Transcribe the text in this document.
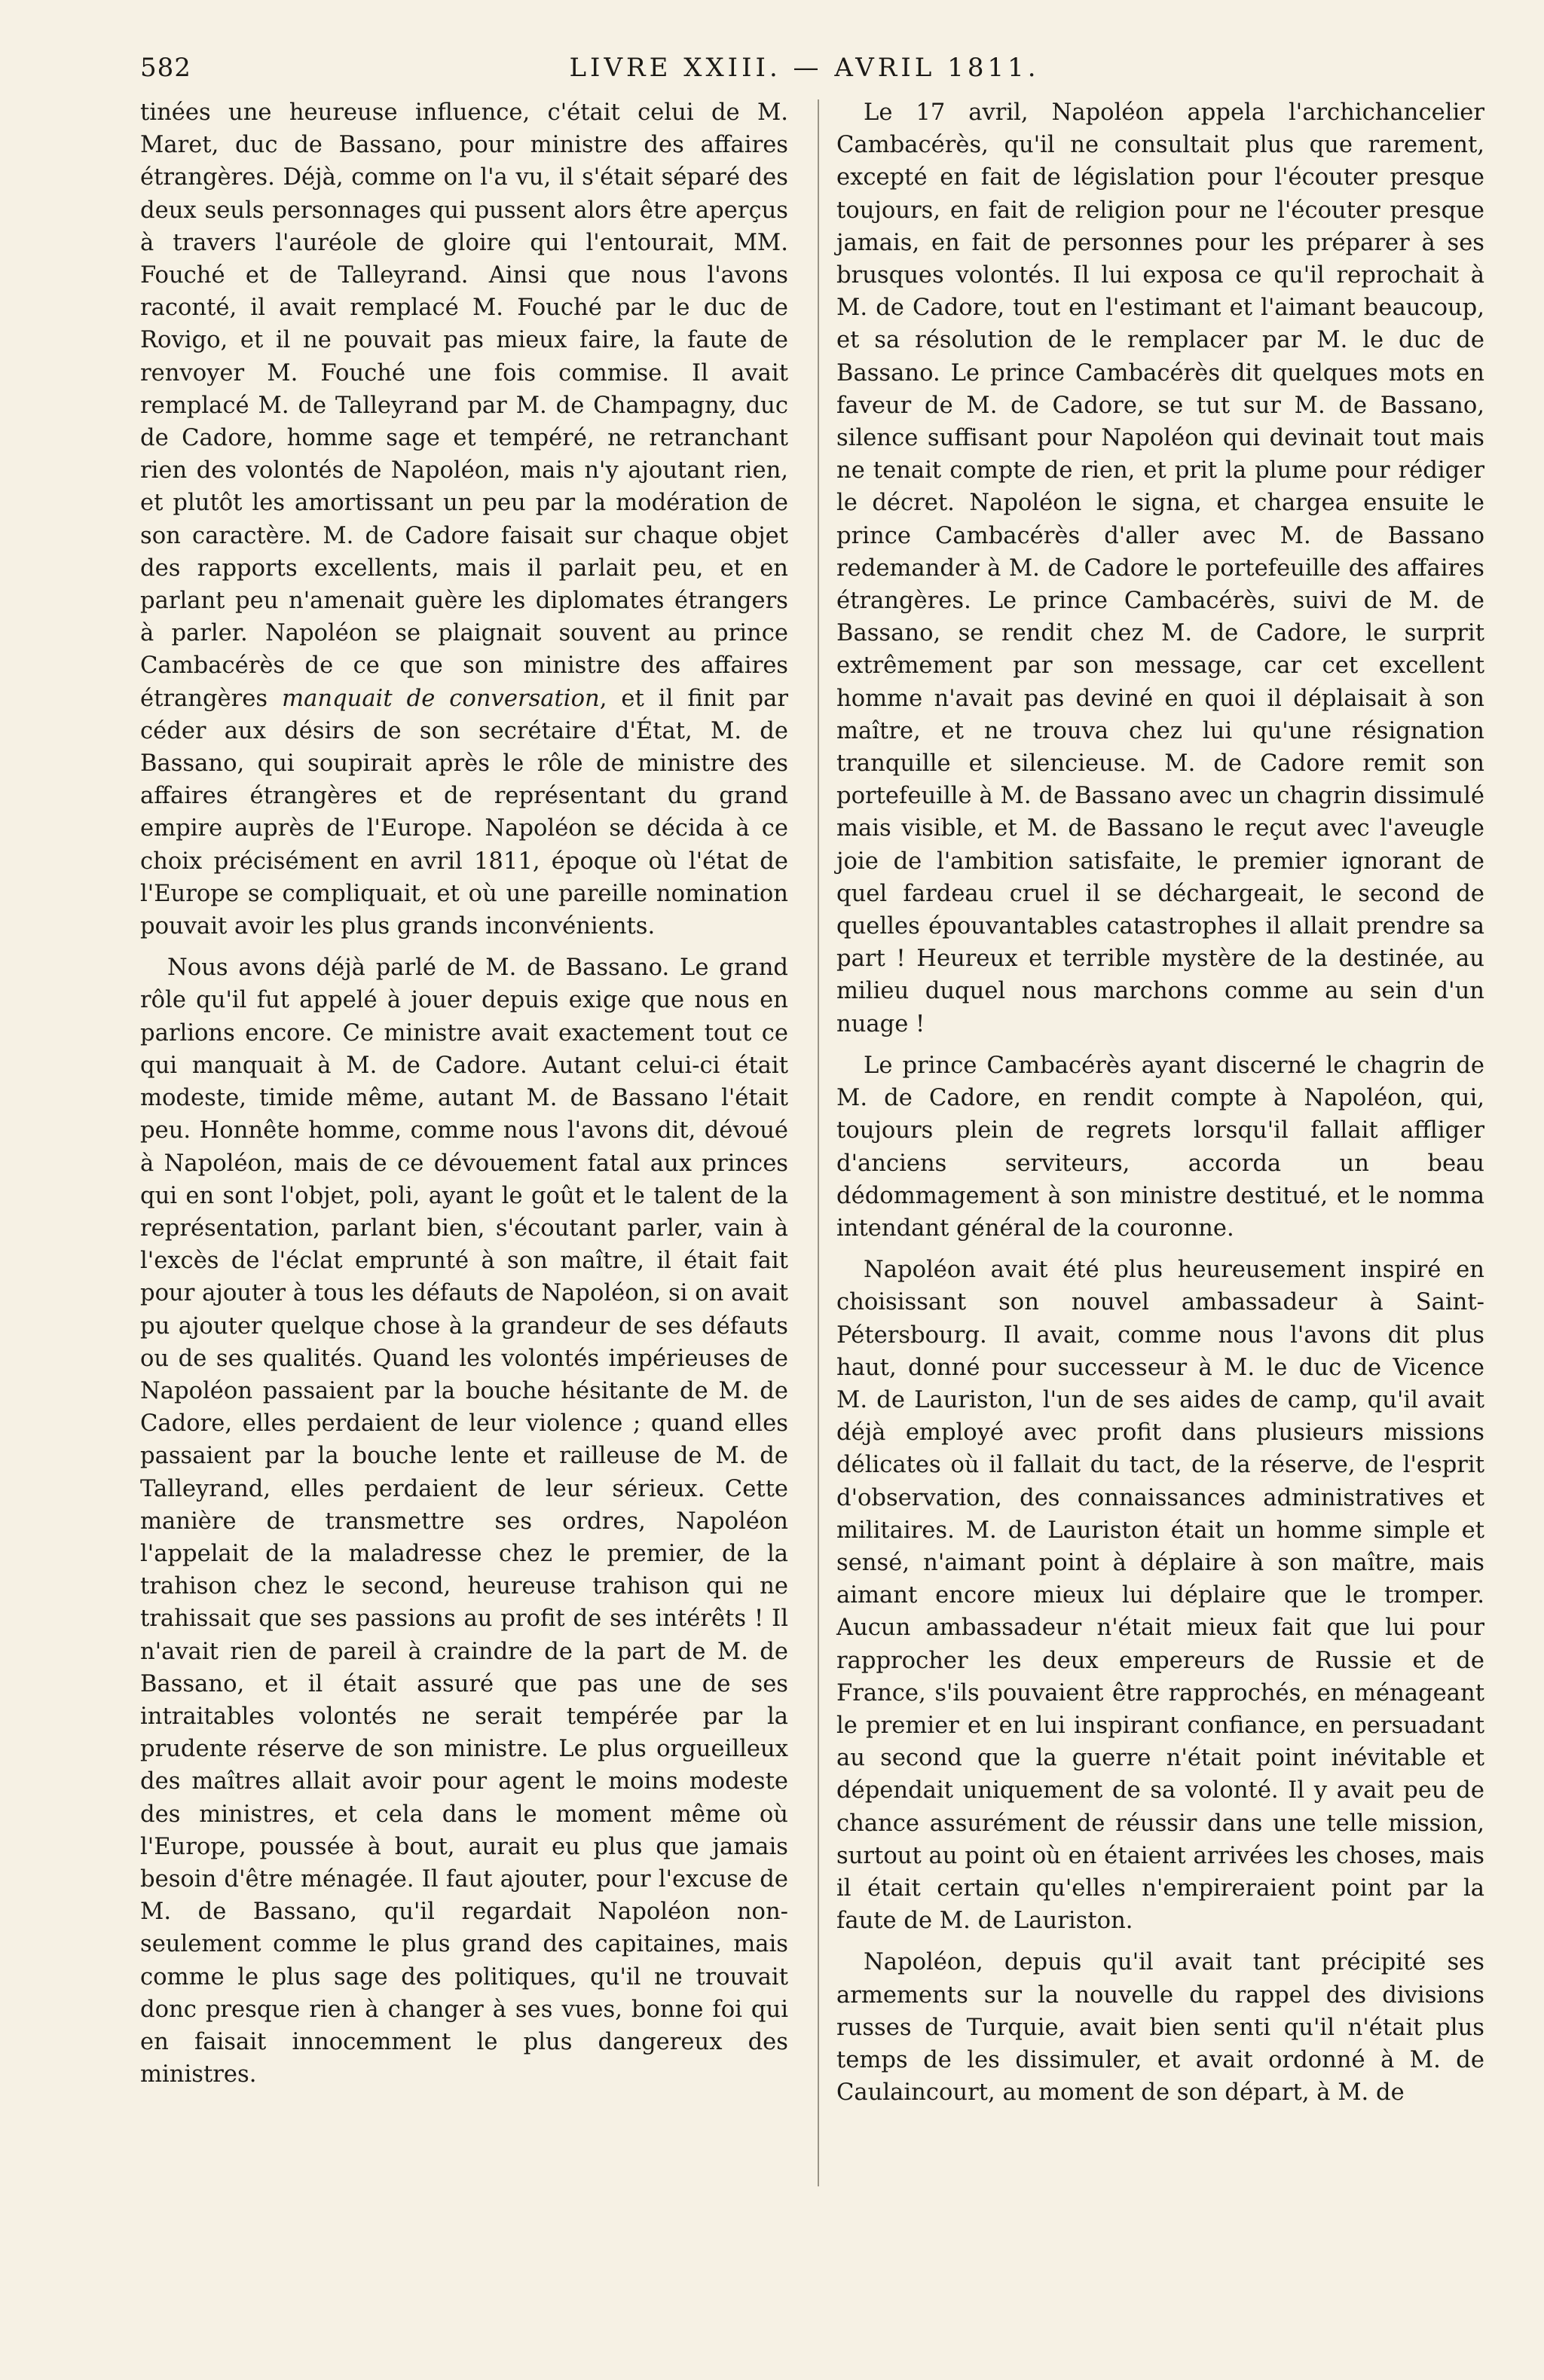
582	LIVRE XXIII. — AVRIL 1811.

tinées une heureuse influence, c'était celui de M. Maret, duc de Bassano, pour ministre des affaires étrangères. Déjà, comme on l'a vu, il s'était séparé des deux seuls personnages qui pussent alors être aperçus à travers l'auréole de gloire qui l'entourait, MM. Fouché et de Talleyrand. Ainsi que nous l'avons raconté, il avait remplacé M. Fouché par le duc de Rovigo, et il ne pouvait pas mieux faire, la faute de renvoyer M. Fouché une fois commise. Il avait remplacé M. de Talleyrand par M. de Champagny, duc de Cadore, homme sage et tempéré, ne retranchant rien des volontés de Napoléon, mais n'y ajoutant rien, et plutôt les amortissant un peu par la modération de son caractère. M. de Cadore faisait sur chaque objet des rapports excellents, mais il parlait peu, et en parlant peu n'amenait guère les diplomates étrangers à parler. Napoléon se plaignait souvent au prince Cambacérès de ce que son ministre des affaires étrangères manquait de conversation, et il finit par céder aux désirs de son secrétaire d'État, M. de Bassano, qui soupirait après le rôle de ministre des affaires étrangères et de représentant du grand empire auprès de l'Europe. Napoléon se décida à ce choix précisément en avril 1811, époque où l'état de l'Europe se compliquait, et où une pareille nomination pouvait avoir les plus grands inconvénients.

Nous avons déjà parlé de M. de Bassano. Le grand rôle qu'il fut appelé à jouer depuis exige que nous en parlions encore. Ce ministre avait exactement tout ce qui manquait à M. de Cadore. Autant celui-ci était modeste, timide même, autant M. de Bassano l'était peu. Honnête homme, comme nous l'avons dit, dévoué à Napoléon, mais de ce dévouement fatal aux princes qui en sont l'objet, poli, ayant le goût et le talent de la représentation, parlant bien, s'écoutant parler, vain à l'excès de l'éclat emprunté à son maître, il était fait pour ajouter à tous les défauts de Napoléon, si on avait pu ajouter quelque chose à la grandeur de ses défauts ou de ses qualités. Quand les volontés impérieuses de Napoléon passaient par la bouche hésitante de M. de Cadore, elles perdaient de leur violence ; quand elles passaient par la bouche lente et railleuse de M. de Talleyrand, elles perdaient de leur sérieux. Cette manière de transmettre ses ordres, Napoléon l'appelait de la maladresse chez le premier, de la trahison chez le second, heureuse trahison qui ne trahissait que ses passions au profit de ses intérêts ! Il n'avait rien de pareil à craindre de la part de M. de Bassano, et il était assuré que pas une de ses intraitables volontés ne serait tempérée par la prudente réserve de son ministre. Le plus orgueilleux des maîtres allait avoir pour agent le moins modeste des ministres, et cela dans le moment même où l'Europe, poussée à bout, aurait eu plus que jamais besoin d'être ménagée. Il faut ajouter, pour l'excuse de M. de Bassano, qu'il regardait Napoléon non-seulement comme le plus grand des capitaines, mais comme le plus sage des politiques, qu'il ne trouvait donc presque rien à changer à ses vues, bonne foi qui en faisait innocemment le plus dangereux des ministres.

Le 17 avril, Napoléon appela l'archichancelier Cambacérès, qu'il ne consultait plus que rarement, excepté en fait de législation pour l'écouter presque toujours, en fait de religion pour ne l'écouter presque jamais, en fait de personnes pour les préparer à ses brusques volontés. Il lui exposa ce qu'il reprochait à M. de Cadore, tout en l'estimant et l'aimant beaucoup, et sa résolution de le remplacer par M. le duc de Bassano. Le prince Cambacérès dit quelques mots en faveur de M. de Cadore, se tut sur M. de Bassano, silence suffisant pour Napoléon qui devinait tout mais ne tenait compte de rien, et prit la plume pour rédiger le décret. Napoléon le signa, et chargea ensuite le prince Cambacérès d'aller avec M. de Bassano redemander à M. de Cadore le portefeuille des affaires étrangères. Le prince Cambacérès, suivi de M. de Bassano, se rendit chez M. de Cadore, le surprit extrêmement par son message, car cet excellent homme n'avait pas deviné en quoi il déplaisait à son maître, et ne trouva chez lui qu'une résignation tranquille et silencieuse. M. de Cadore remit son portefeuille à M. de Bassano avec un chagrin dissimulé mais visible, et M. de Bassano le reçut avec l'aveugle joie de l'ambition satisfaite, le premier ignorant de quel fardeau cruel il se déchargeait, le second de quelles épouvantables catastrophes il allait prendre sa part ! Heureux et terrible mystère de la destinée, au milieu duquel nous marchons comme au sein d'un nuage !

Le prince Cambacérès ayant discerné le chagrin de M. de Cadore, en rendit compte à Napoléon, qui, toujours plein de regrets lorsqu'il fallait affliger d'anciens serviteurs, accorda un beau dédommagement à son ministre destitué, et le nomma intendant général de la couronne.

Napoléon avait été plus heureusement inspiré en choisissant son nouvel ambassadeur à Saint-Pétersbourg. Il avait, comme nous l'avons dit plus haut, donné pour successeur à M. le duc de Vicence M. de Lauriston, l'un de ses aides de camp, qu'il avait déjà employé avec profit dans plusieurs missions délicates où il fallait du tact, de la réserve, de l'esprit d'observation, des connaissances administratives et militaires. M. de Lauriston était un homme simple et sensé, n'aimant point à déplaire à son maître, mais aimant encore mieux lui déplaire que le tromper. Aucun ambassadeur n'était mieux fait que lui pour rapprocher les deux empereurs de Russie et de France, s'ils pouvaient être rapprochés, en ménageant le premier et en lui inspirant confiance, en persuadant au second que la guerre n'était point inévitable et dépendait uniquement de sa volonté. Il y avait peu de chance assurément de réussir dans une telle mission, surtout au point où en étaient arrivées les choses, mais il était certain qu'elles n'empireraient point par la faute de M. de Lauriston.

Napoléon, depuis qu'il avait tant précipité ses armements sur la nouvelle du rappel des divisions russes de Turquie, avait bien senti qu'il n'était plus temps de les dissimuler, et avait ordonné à M. de Caulaincourt, au moment de son départ, à M. de
